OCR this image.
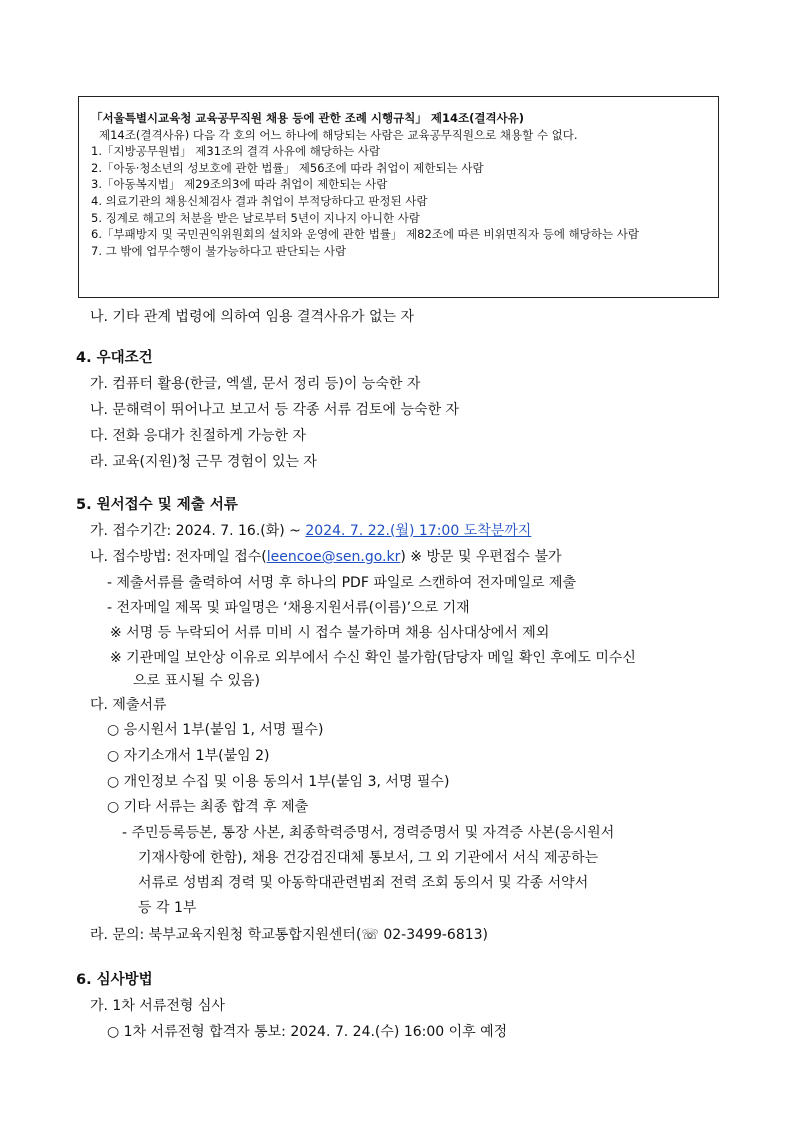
「서울특별시교육청 교육공무직원 채용 등에 관한 조례 시행규칙」 제14조(결격사유)
제14조(결격사유) 다음 각 호의 어느 하나에 해당되는 사람은 교육공무직원으로 채용할 수 없다.
1.「지방공무원법」 제31조의 결격 사유에 해당하는 사람
2.「아동·청소년의 성보호에 관한 법률」 제56조에 따라 취업이 제한되는 사람
3.「아동복지법」 제29조의3에 따라 취업이 제한되는 사람
4. 의료기관의 채용신체검사 결과 취업이 부적당하다고 판정된 사람
5. 징계로 해고의 처분을 받은 날로부터 5년이 지나지 아니한 사람
6.「부패방지 및 국민권익위원회의 설치와 운영에 관한 법률」 제82조에 따른 비위면직자 등에 해당하는 사람
7. 그 밖에 업무수행이 불가능하다고 판단되는 사람
나. 기타 관계 법령에 의하여 임용 결격사유가 없는 자
4. 우대조건
가. 컴퓨터 활용(한글, 엑셀, 문서 정리 등)이 능숙한 자
나. 문해력이 뛰어나고 보고서 등 각종 서류 검토에 능숙한 자
다. 전화 응대가 친절하게 가능한 자
라. 교육(지원)청 근무 경험이 있는 자
5. 원서접수 및 제출 서류
가. 접수기간: 2024. 7. 16.(화) ~ 2024. 7. 22.(월) 17:00 도착분까지
나. 접수방법: 전자메일 접수(leencoe@sen.go.kr) ※ 방문 및 우편접수 불가
- 제출서류를 출력하여 서명 후 하나의 PDF 파일로 스캔하여 전자메일로 제출
- 전자메일 제목 및 파일명은 ‘채용지원서류(이름)’으로 기재
※ 서명 등 누락되어 서류 미비 시 접수 불가하며 채용 심사대상에서 제외
※ 기관메일 보안상 이유로 외부에서 수신 확인 불가함(담당자 메일 확인 후에도 미수신
으로 표시될 수 있음)
다. 제출서류
○ 응시원서 1부(붙임 1, 서명 필수)
○ 자기소개서 1부(붙임 2)
○ 개인정보 수집 및 이용 동의서 1부(붙임 3, 서명 필수)
○ 기타 서류는 최종 합격 후 제출
- 주민등록등본, 통장 사본, 최종학력증명서, 경력증명서 및 자격증 사본(응시원서
기재사항에 한함), 채용 건강검진대체 통보서, 그 외 기관에서 서식 제공하는
서류로 성범죄 경력 및 아동학대관련범죄 전력 조회 동의서 및 각종 서약서
등 각 1부
라. 문의: 북부교육지원청 학교통합지원센터(☏ 02-3499-6813)
6. 심사방법
가. 1차 서류전형 심사
○ 1차 서류전형 합격자 통보: 2024. 7. 24.(수) 16:00 이후 예정
